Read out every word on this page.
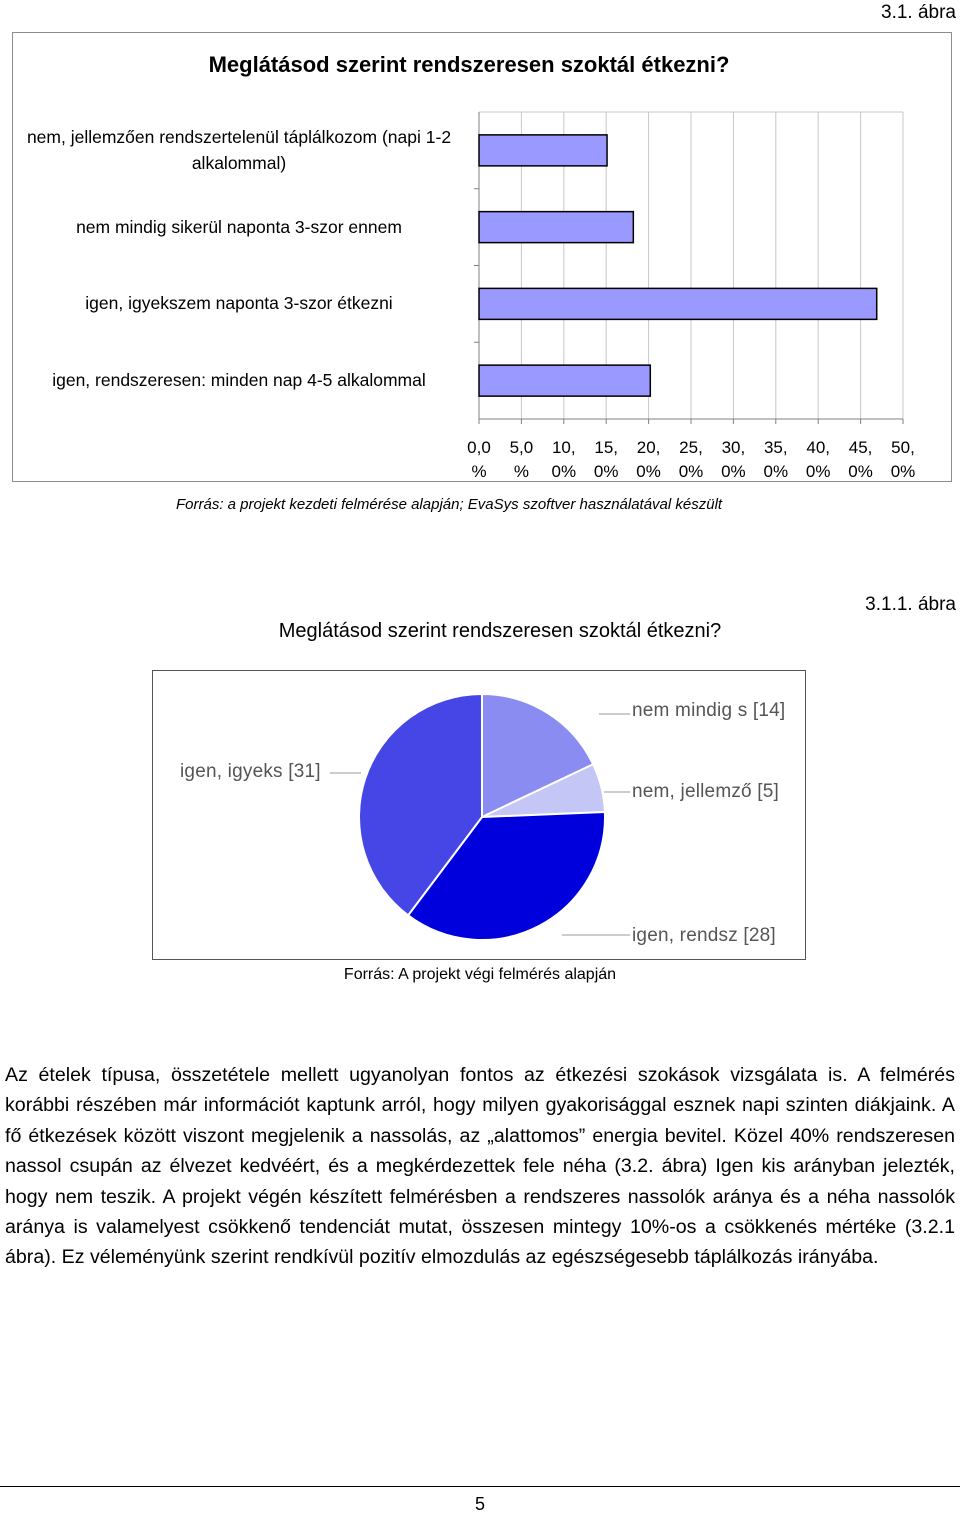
3.1. ábra
Meglátásod szerint rendszeresen szoktál étkezni?
nem, jellemzően rendszertelenül táplálkozom (napi 1-2 alkalommal)
nem mindig sikerül naponta 3-szor ennem
igen, igyekszem naponta 3-szor étkezni
igen, rendszeresen: minden nap 4-5 alkalommal
0,0
%
5,0
%
10,
0%
15,
0%
20,
0%
25,
0%
30,
0%
35,
0%
40,
0%
45,
0%
50,
0%
Forrás: a projekt kezdeti felmérése alapján; EvaSys szoftver használatával készült
Meglátásod szerint rendszeresen szoktál étkezni?
3.1.1. ábra
nem mindig s [14]
nem, jellemző [5]
igen, rendsz [28]
igen, igyeks [31]
Forrás: A projekt végi felmérés alapján
Az ételek típusa, összetétele mellett ugyanolyan fontos az étkezési szokások vizsgálata is. A felmérés korábbi részében már információt kaptunk arról, hogy milyen gyakorisággal esznek napi szinten diákjaink. A fő étkezések között viszont megjelenik a nassolás, az „alattomos” energia bevitel. Közel 40% rendszeresen nassol csupán az élvezet kedvéért, és a megkérdezettek fele néha (3.2. ábra) Igen kis arányban jelezték, hogy nem teszik. A projekt végén készített felmérésben a rendszeres nassolók aránya és a néha nassolók aránya is valamelyest csökkenő tendenciát mutat, összesen mintegy 10%-os a csökkenés mértéke (3.2.1 ábra). Ez véleményünk szerint rendkívül pozitív elmozdulás az egészségesebb táplálkozás irányába.
5
